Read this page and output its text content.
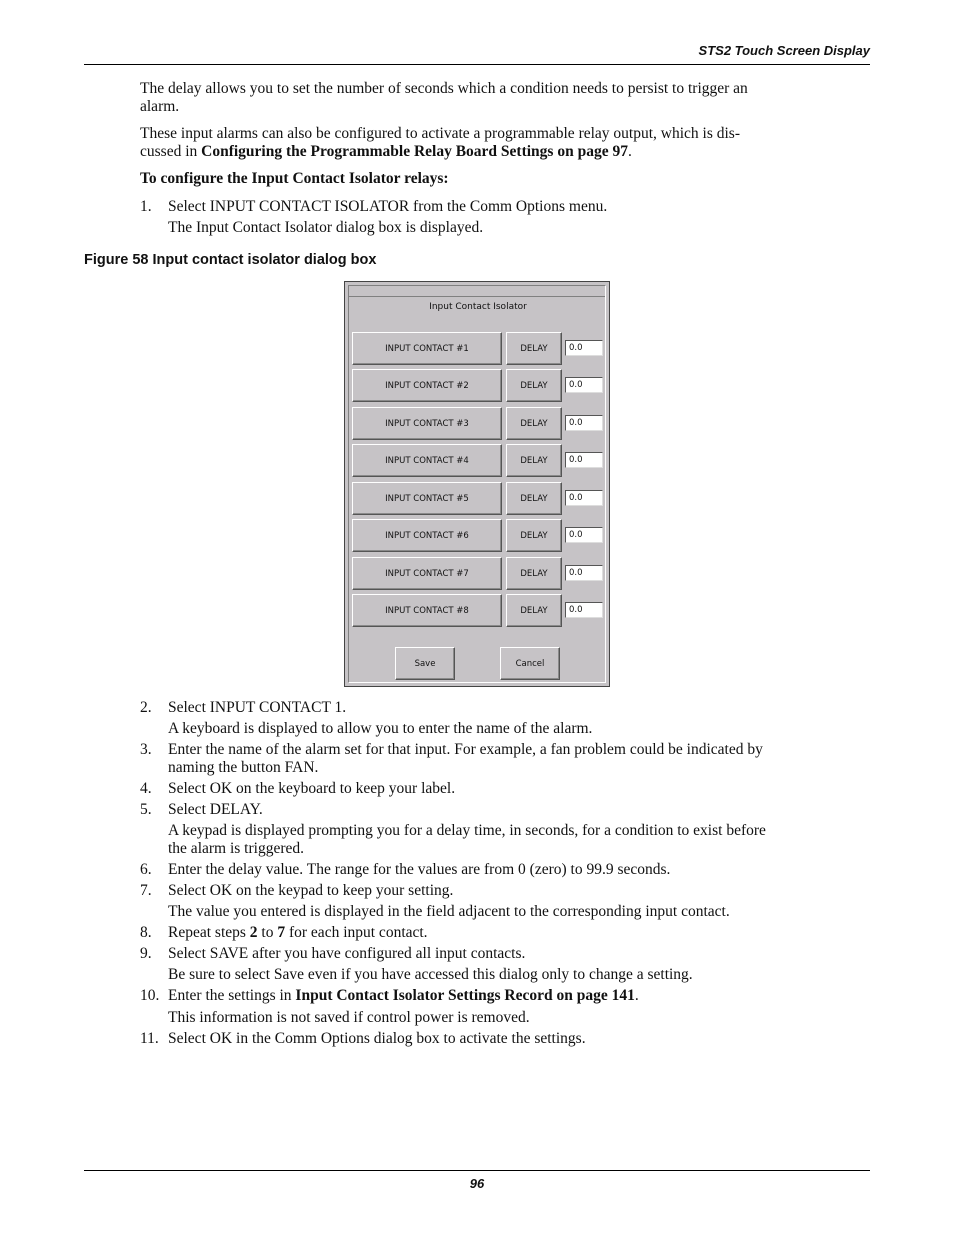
STS2 Touch Screen Display

The delay allows you to set the number of seconds which a condition needs to persist to trigger an
alarm.

These input alarms can also be configured to activate a programmable relay output, which is dis-
cussed in Configuring the Programmable Relay Board Settings on page 97.

To configure the Input Contact Isolator relays:

1.	Select INPUT CONTACT ISOLATOR from the Comm Options menu.

The Input Contact Isolator dialog box is displayed.

Figure 58 Input contact isolator dialog box
Input Contact Isolator
INPUT CONTACT #1	DELAY	0.0
INPUT CONTACT #2	DELAY	0.0
INPUT CONTACT #3	DELAY	0.0
INPUT CONTACT #4	DELAY	0.0
INPUT CONTACT #5	DELAY	0.0
INPUT CONTACT #6	DELAY	0.0
INPUT CONTACT #7	DELAY	0.0
INPUT CONTACT #8	DELAY	0.0
Save	Cancel
2.	Select INPUT CONTACT 1.

A keyboard is displayed to allow you to enter the name of the alarm.

3.	Enter the name of the alarm set for that input. For example, a fan problem could be indicated by
naming the button FAN.

4.	Select OK on the keyboard to keep your label.

5.	Select DELAY.

A keypad is displayed prompting you for a delay time, in seconds, for a condition to exist before
the alarm is triggered.

6.	Enter the delay value. The range for the values are from 0 (zero) to 99.9 seconds.

7.	Select OK on the keypad to keep your setting.

The value you entered is displayed in the field adjacent to the corresponding input contact.

8.	Repeat steps 2 to 7 for each input contact.

9.	Select SAVE after you have configured all input contacts.

Be sure to select Save even if you have accessed this dialog only to change a setting.

10. Enter the settings in Input Contact Isolator Settings Record on page 141.

This information is not saved if control power is removed.

11. Select OK in the Comm Options dialog box to activate the settings.

96
